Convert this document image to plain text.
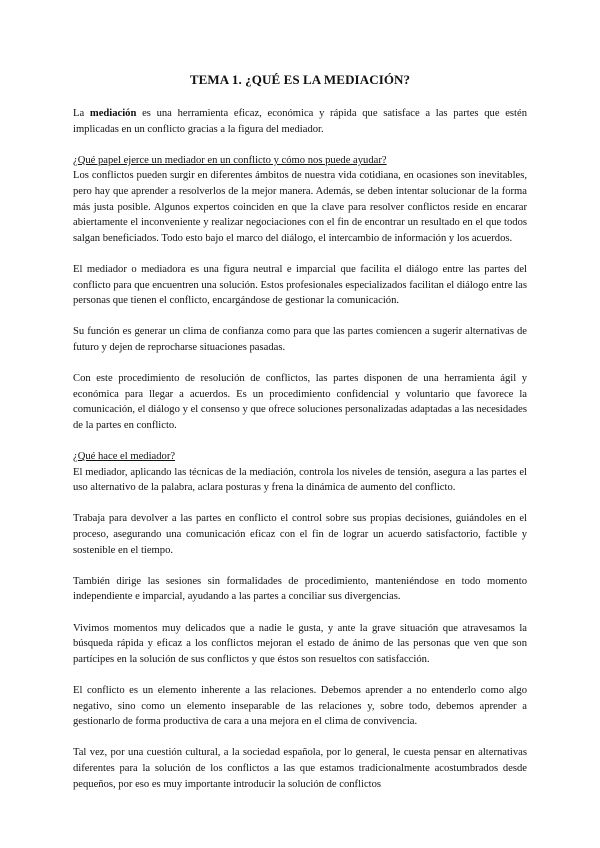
TEMA 1. ¿QUÉ ES LA MEDIACIÓN?

La mediación es una herramienta eficaz, económica y rápida que satisface a las partes que estén implicadas en un conflicto gracias a la figura del mediador.

¿Qué papel ejerce un mediador en un conflicto y cómo nos puede ayudar?

Los conflictos pueden surgir en diferentes ámbitos de nuestra vida cotidiana, en ocasiones son inevitables, pero hay que aprender a resolverlos de la mejor manera. Además, se deben intentar solucionar de la forma más justa posible. Algunos expertos coinciden en que la clave para resolver conflictos reside en encarar abiertamente el inconveniente y realizar negociaciones con el fin de encontrar un resultado en el que todos salgan beneficiados. Todo esto bajo el marco del diálogo, el intercambio de información y los acuerdos.

El mediador o mediadora es una figura neutral e imparcial que facilita el diálogo entre las partes del conflicto para que encuentren una solución. Estos profesionales especializados facilitan el diálogo entre las personas que tienen el conflicto, encargándose de gestionar la comunicación.

Su función es generar un clima de confianza como para que las partes comiencen a sugerir alternativas de futuro y dejen de reprocharse situaciones pasadas.

Con este procedimiento de resolución de conflictos, las partes disponen de una herramienta ágil y económica para llegar a acuerdos. Es un procedimiento confidencial y voluntario que favorece la comunicación, el diálogo y el consenso y que ofrece soluciones personalizadas adaptadas a las necesidades de la partes en conflicto.

¿Qué hace el mediador?

El mediador, aplicando las técnicas de la mediación, controla los niveles de tensión, asegura a las partes el uso alternativo de la palabra, aclara posturas y frena la dinámica de aumento del conflicto.

Trabaja para devolver a las partes en conflicto el control sobre sus propias decisiones, guiándoles en el proceso, asegurando una comunicación eficaz con el fin de lograr un acuerdo satisfactorio, factible y sostenible en el tiempo.

También dirige las sesiones sin formalidades de procedimiento, manteniéndose en todo momento independiente e imparcial, ayudando a las partes a conciliar sus divergencias.

Vivimos momentos muy delicados que a nadie le gusta, y ante la grave situación que atravesamos la búsqueda rápida y eficaz a los conflictos mejoran el estado de ánimo de las personas que ven que son partícipes en la solución de sus conflictos y que éstos son resueltos con satisfacción.

El conflicto es un elemento inherente a las relaciones. Debemos aprender a no entenderlo como algo negativo, sino como un elemento inseparable de las relaciones y, sobre todo, debemos aprender a gestionarlo de forma productiva de cara a una mejora en el clima de convivencia.

Tal vez, por una cuestión cultural, a la sociedad española, por lo general, le cuesta pensar en alternativas diferentes para la solución de los conflictos a las que estamos tradicionalmente acostumbrados desde pequeños, por eso es muy importante introducir la solución de conflictos
